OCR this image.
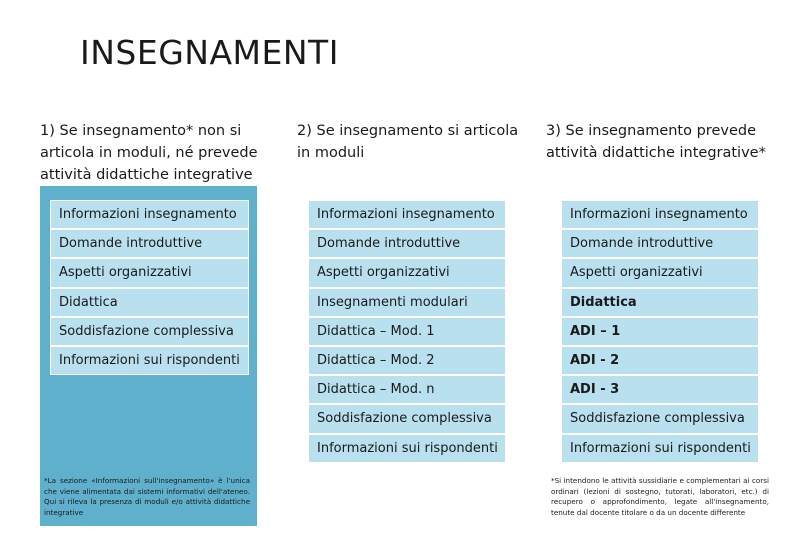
INSEGNAMENTI
1) Se insegnamento* non si articola in moduli, né prevede attività didattiche integrative
Informazioni insegnamento
Domande introduttive
Aspetti organizzativi
Didattica
Soddisfazione complessiva
Informazioni sui rispondenti
*La sezione «Informazioni sull'insegnamento» è l'unica che viene alimentata dai sistemi informativi dell'ateneo. Qui si rileva la presenza di moduli e/o attività didattiche integrative
2) Se insegnamento si articola in moduli
Informazioni insegnamento
Domande introduttive
Aspetti organizzativi
Insegnamenti modulari
Didattica – Mod. 1
Didattica – Mod. 2
Didattica – Mod. n
Soddisfazione complessiva
Informazioni sui rispondenti
3) Se insegnamento prevede attività didattiche integrative*
Informazioni insegnamento
Domande introduttive
Aspetti organizzativi
Didattica
ADI – 1
ADI - 2
ADI - 3
Soddisfazione complessiva
Informazioni sui rispondenti
*Si intendono le attività sussidiarie e complementari ai corsi ordinari (lezioni di sostegno, tutorati, laboratori, etc.) di recupero o approfondimento, legate all'insegnamento, tenute dal docente titolare o da un docente differente
